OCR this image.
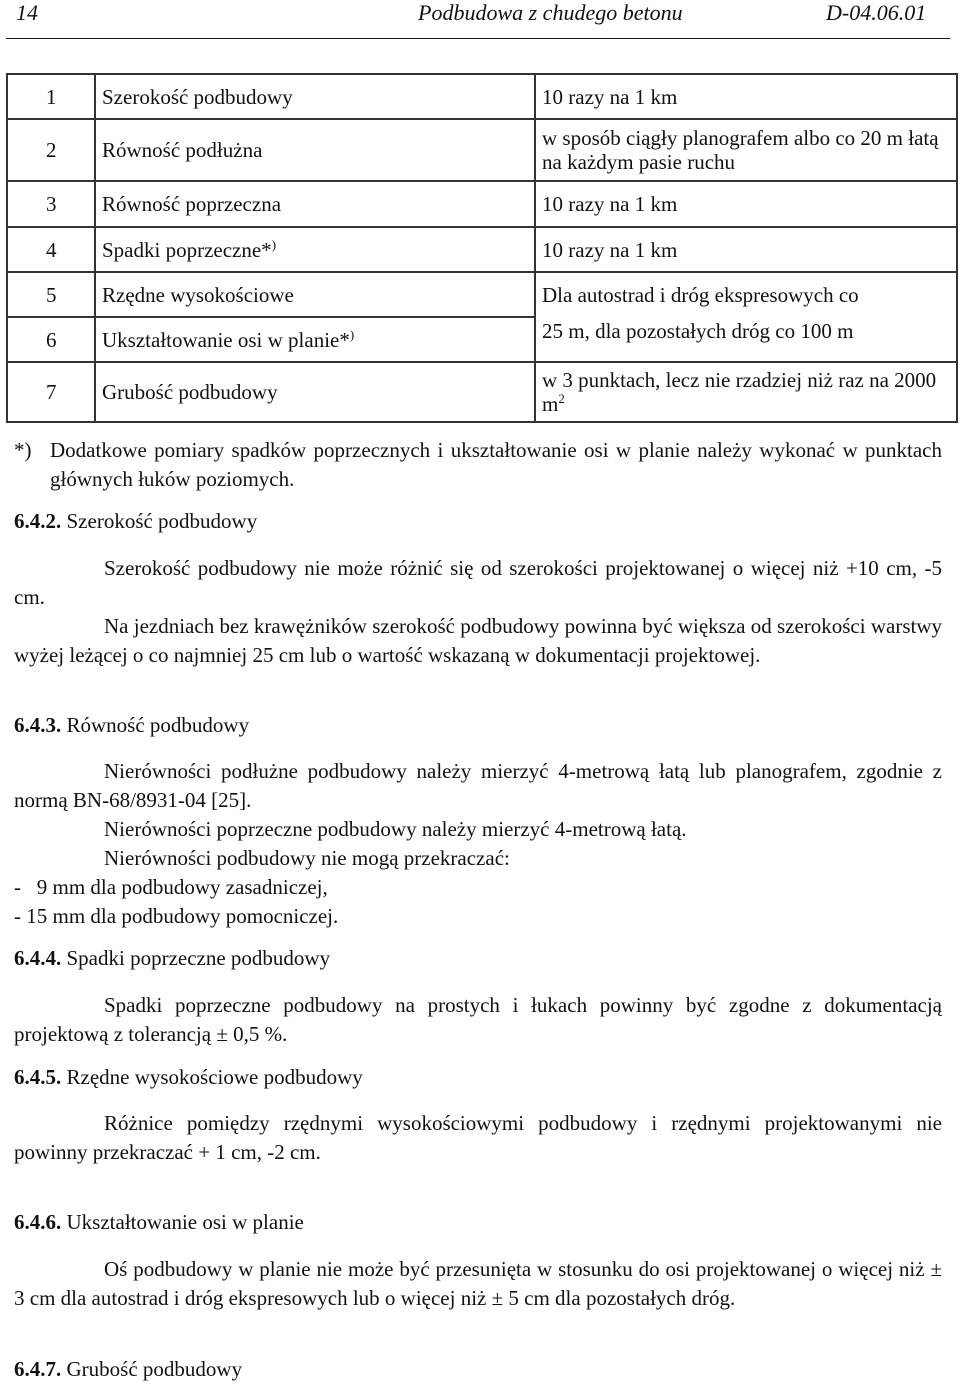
14	Podbudowa z chudego betonu	D-04.06.01
1	Szerokość podbudowy	10 razy na 1 km
2	Równość podłużna	w sposób ciągły planografem albo co 20 m łatą na każdym pasie ruchu
3	Równość poprzeczna	10 razy na 1 km
4	Spadki poprzeczne*)	10 razy na 1 km
5	Rzędne wysokościowe	Dla autostrad i dróg ekspresowych co
6	Ukształtowanie osi w planie*)	25 m, dla pozostałych dróg co 100 m
7	Grubość podbudowy	w 3 punktach, lecz nie rzadziej niż raz na 2000 $m^2$
*) Dodatkowe pomiary spadków poprzecznych i ukształtowanie osi w planie należy wykonać w punktach głównych łuków poziomych.
6.4.2. Szerokość podbudowy
Szerokość podbudowy nie może różnić się od szerokości projektowanej o więcej niż +10 cm, -5 cm.
Na jezdniach bez krawężników szerokość podbudowy powinna być większa od szerokości warstwy wyżej leżącej o co najmniej 25 cm lub o wartość wskazaną w dokumentacji projektowej.
6.4.3. Równość podbudowy
Nierówności podłużne podbudowy należy mierzyć 4-metrową łatą lub planografem, zgodnie z normą BN-68/8931-04 [25].
Nierówności poprzeczne podbudowy należy mierzyć 4-metrową łatą.
Nierówności podbudowy nie mogą przekraczać:
-   9 mm dla podbudowy zasadniczej,
- 15 mm dla podbudowy pomocniczej.
6.4.4. Spadki poprzeczne podbudowy
Spadki poprzeczne podbudowy na prostych i łukach powinny być zgodne z dokumentacją projektową z tolerancją ± 0,5 %.
6.4.5. Rzędne wysokościowe podbudowy
Różnice pomiędzy rzędnymi wysokościowymi podbudowy i rzędnymi projektowanymi nie powinny przekraczać + 1 cm, -2 cm.
6.4.6. Ukształtowanie osi w planie
Oś podbudowy w planie nie może być przesunięta w stosunku do osi projektowanej o więcej niż ± 3 cm dla autostrad i dróg ekspresowych lub o więcej niż ± 5 cm dla pozostałych dróg.
6.4.7. Grubość podbudowy
